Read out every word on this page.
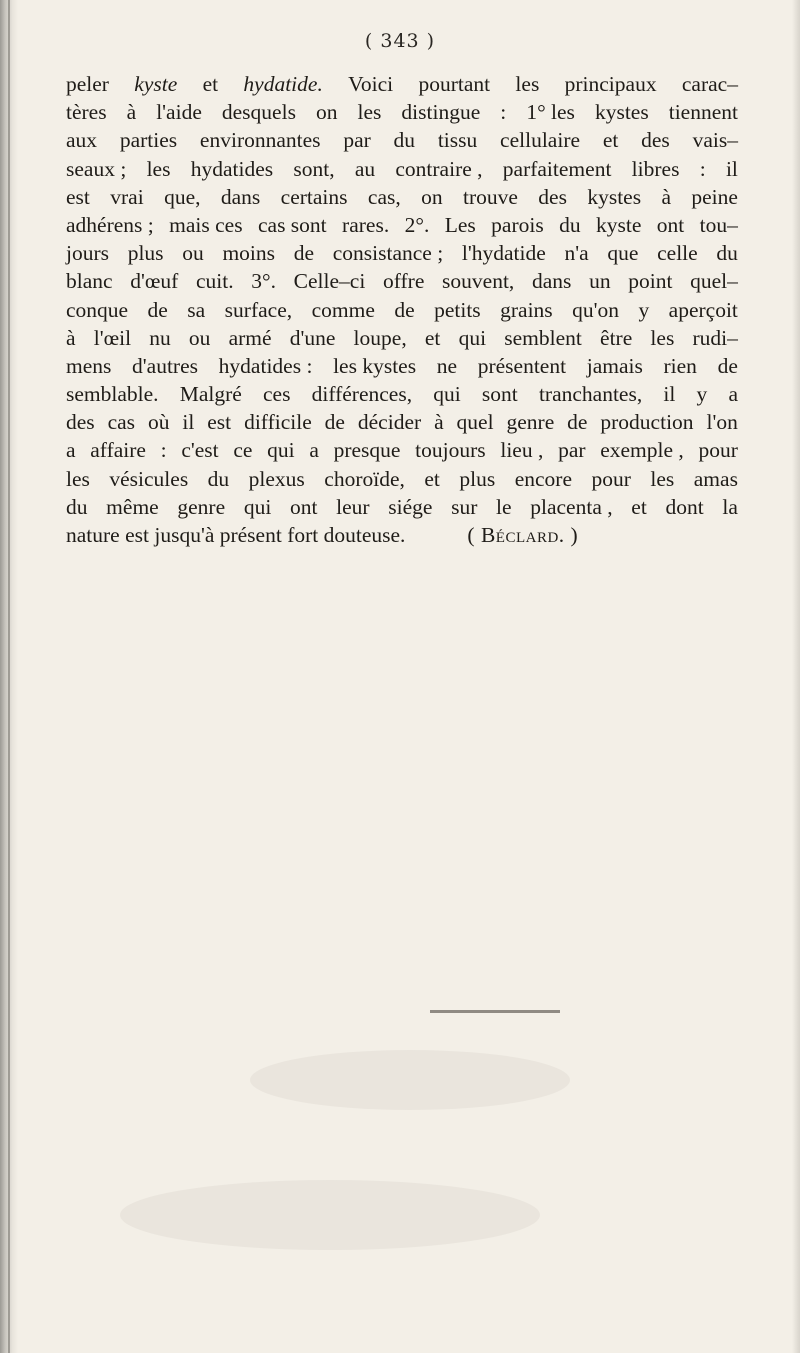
( 343 )
peler kyste et hydatide. Voici pourtant les principaux carac–
tères à l'aide desquels on les distingue : 1° les kystes tiennent
aux parties environnantes par du tissu cellulaire et des vais–
seaux ; les hydatides sont, au contraire , parfaitement libres : il
est vrai que, dans certains cas, on trouve des kystes à peine
adhérens ; mais ces cas sont rares. 2°. Les parois du kyste ont tou–
jours plus ou moins de consistance ; l'hydatide n'a que celle du
blanc d'œuf cuit. 3°. Celle–ci offre souvent, dans un point quel–
conque de sa surface, comme de petits grains qu'on y aperçoit
à l'œil nu ou armé d'une loupe, et qui semblent être les rudi–
mens d'autres hydatides : les kystes ne présentent jamais rien de
semblable. Malgré ces différences, qui sont tranchantes, il y a
des cas où il est difficile de décider à quel genre de production l'on
a affaire : c'est ce qui a presque toujours lieu , par exemple , pour
les vésicules du plexus choroïde, et plus encore pour les amas
du même genre qui ont leur siége sur le placenta , et dont la
nature est jusqu'à présent fort douteuse.	( Béclard. )
